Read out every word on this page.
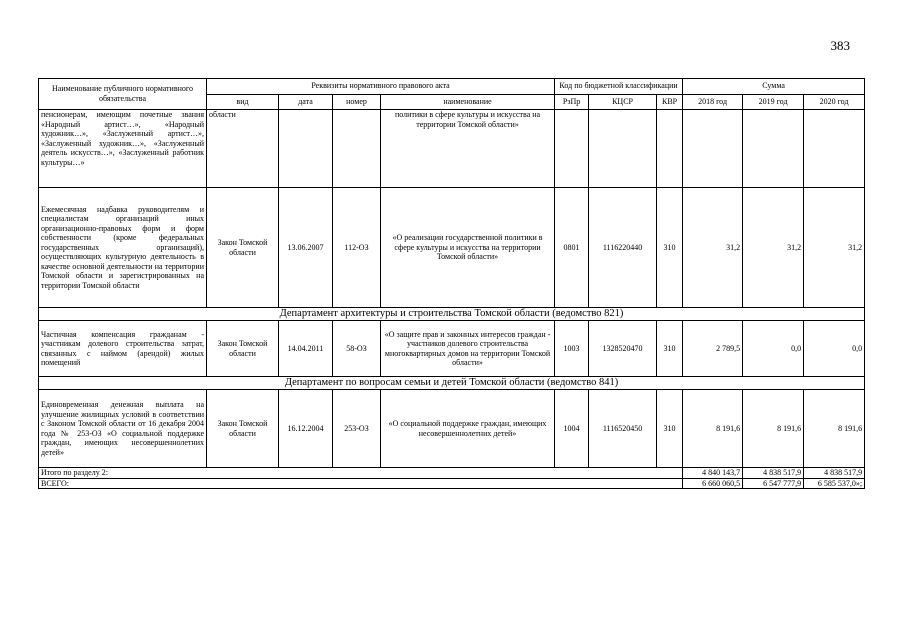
383
Наименование публичного нормативного обязательства	Реквизиты нормативного правового акта				Код по бюджетной классификации			Сумма		
	вид	дата	номер	наименование	РзПр	КЦСР	КВР	2018 год	2019 год	2020 год
пенсионерам, имеющим почетные звания «Народный артист…», «Народный художник…», «Заслуженный артист…», «Заслуженный художник…», «Заслуженный деятель искусств…», «Заслуженный работник культуры…»	области			политики в сфере культуры и искусства на территории Томской области»						
Ежемесячная надбавка руководителям и специалистам организаций иных организационно-правовых форм и форм собственности (кроме федеральных государственных организаций), осуществляющих культурную деятельность в качестве основной деятельности на территории Томской области и зарегистрированных на территории Томской области	Закон Томской области	13.06.2007	112-ОЗ	«О реализации государственной политики в сфере культуры и искусства на территории Томской области»	0801	1116220440	310	31,2	31,2	31,2
Департамент архитектуры и строительства Томской области (ведомство 821)										
Частичная компенсация гражданам - участникам долевого строительства затрат, связанных с наймом (арендой) жилых помещений	Закон Томской области	14.04.2011	58-ОЗ	«О защите прав и законных интересов граждан - участников долевого строительства многоквартирных домов на территории Томской области»	1003	1328520470	310	2 789,5	0,0	0,0
Департамент по вопросам семьи и детей Томской области (ведомство 841)										
Единовременная денежная выплата на улучшение жилищных условий в соответствии с Законом Томской области от 16 декабря 2004 года № 253-ОЗ «О социальной поддержке граждан, имеющих несовершеннолетних детей»	Закон Томской области	16.12.2004	253-ОЗ	«О социальной поддержке граждан, имеющих несовершеннолетних детей»	1004	1116520450	310	8 191,6	8 191,6	8 191,6
Итого по разделу 2:								4 840 143,7	4 838 517,9	4 838 517,9
ВСЕГО:								6 660 060,5	6 547 777,9	6 585 537,0»;
